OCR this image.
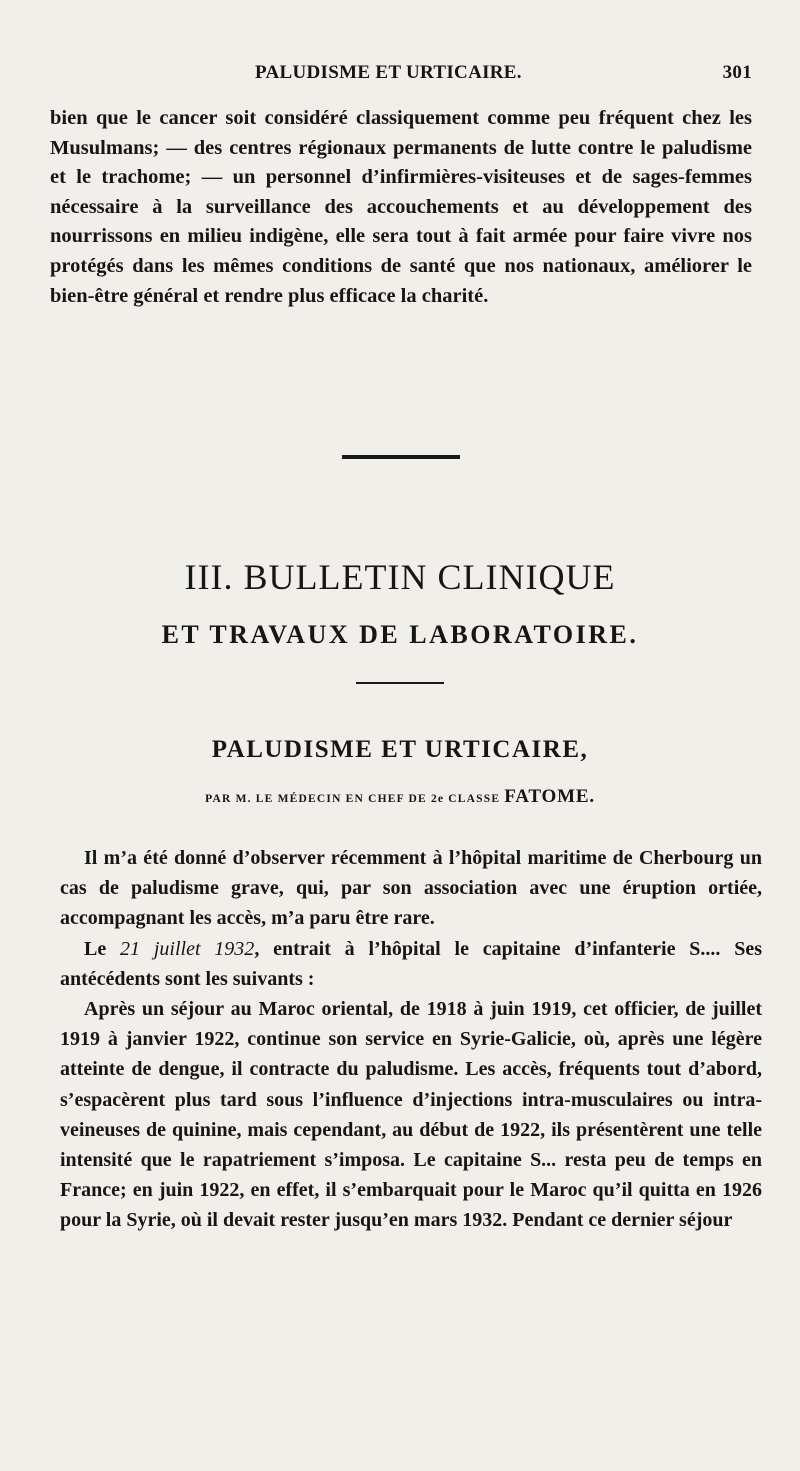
PALUDISME ET URTICAIRE.	301

bien que le cancer soit considéré classiquement comme peu fréquent chez les Musulmans; — des centres régionaux permanents de lutte contre le paludisme et le trachome; — un personnel d’infirmières-visiteuses et de sages-femmes nécessaire à la surveillance des accouchements et au développement des nourrissons en milieu indigène, elle sera tout à fait armée pour faire vivre nos protégés dans les mêmes conditions de santé que nos nationaux, améliorer le bien-être général et rendre plus efficace la charité.

III. BULLETIN CLINIQUE
ET TRAVAUX DE LABORATOIRE.
PALUDISME ET URTICAIRE,
PAR M. LE MÉDECIN EN CHEF DE 2e CLASSE FATOME.

Il m’a été donné d’observer récemment à l’hôpital maritime de Cherbourg un cas de paludisme grave, qui, par son association avec une éruption ortiée, accompagnant les accès, m’a paru être rare.

Le 21 juillet 1932, entrait à l’hôpital le capitaine d’infanterie S.... Ses antécédents sont les suivants :

Après un séjour au Maroc oriental, de 1918 à juin 1919, cet officier, de juillet 1919 à janvier 1922, continue son service en Syrie-Galicie, où, après une légère atteinte de dengue, il contracte du paludisme. Les accès, fréquents tout d’abord, s’espacèrent plus tard sous l’influence d’injections intra-musculaires ou intra-veineuses de quinine, mais cependant, au début de 1922, ils présentèrent une telle intensité que le rapatriement s’imposa. Le capitaine S... resta peu de temps en France; en juin 1922, en effet, il s’embarquait pour le Maroc qu’il quitta en 1926 pour la Syrie, où il devait rester jusqu’en mars 1932. Pendant ce dernier séjour
